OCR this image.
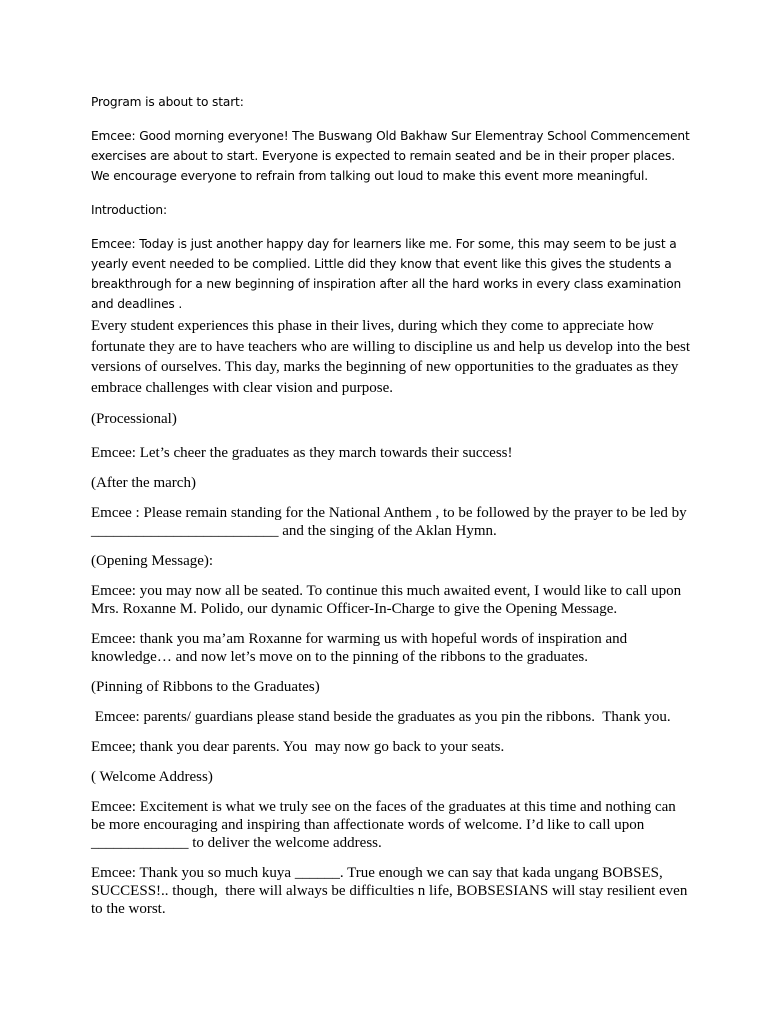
Program is about to start:

Emcee: Good morning everyone! The Buswang Old Bakhaw Sur Elementray School Commencement exercises are about to start. Everyone is expected to remain seated and be in their proper places. We encourage everyone to refrain from talking out loud to make this event more meaningful.

Introduction:

Emcee: Today is just another happy day for learners like me. For some, this may seem to be just a yearly event needed to be complied. Little did they know that event like this gives the students a breakthrough for a new beginning of inspiration after all the hard works in every class examination and deadlines .

Every student experiences this phase in their lives, during which they come to appreciate how fortunate they are to have teachers who are willing to discipline us and help us develop into the best versions of ourselves. This day, marks the beginning of new opportunities to the graduates as they embrace challenges with clear vision and purpose.

(Processional)

Emcee: Let’s cheer the graduates as they march towards their success!

(After the march)

Emcee : Please remain standing for the National Anthem , to be followed by the prayer to be led by _________________________ and the singing of the Aklan Hymn.

(Opening Message):

Emcee: you may now all be seated. To continue this much awaited event, I would like to call upon Mrs. Roxanne M. Polido, our dynamic Officer-In-Charge to give the Opening Message.

Emcee: thank you ma’am Roxanne for warming us with hopeful words of inspiration and knowledge… and now let’s move on to the pinning of the ribbons to the graduates.

(Pinning of Ribbons to the Graduates)

Emcee: parents/ guardians please stand beside the graduates as you pin the ribbons.  Thank you.

Emcee; thank you dear parents. You  may now go back to your seats.

( Welcome Address)

Emcee: Excitement is what we truly see on the faces of the graduates at this time and nothing can be more encouraging and inspiring than affectionate words of welcome. I’d like to call upon _____________ to deliver the welcome address.

Emcee: Thank you so much kuya ______. True enough we can say that kada ungang BOBSES, SUCCESS!.. though,  there will always be difficulties n life, BOBSESIANS will stay resilient even to the worst.
